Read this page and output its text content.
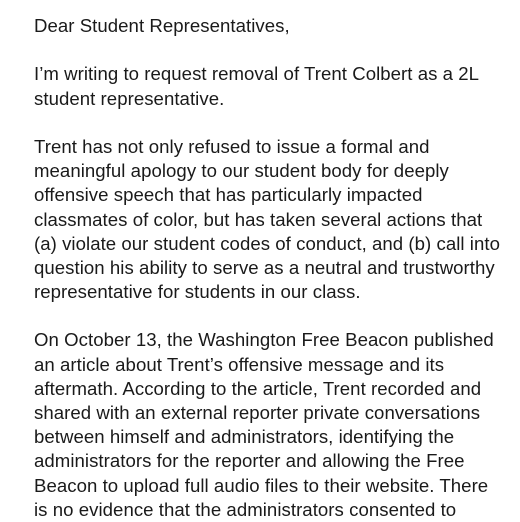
Dear Student Representatives,
I’m writing to request removal of Trent Colbert as a 2L
student representative.
Trent has not only refused to issue a formal and
meaningful apology to our student body for deeply
offensive speech that has particularly impacted
classmates of color, but has taken several actions that
(a) violate our student codes of conduct, and (b) call into
question his ability to serve as a neutral and trustworthy
representative for students in our class.
On October 13, the Washington Free Beacon published
an article about Trent’s offensive message and its
aftermath. According to the article, Trent recorded and
shared with an external reporter private conversations
between himself and administrators, identifying the
administrators for the reporter and allowing the Free
Beacon to upload full audio files to their website. There
is no evidence that the administrators consented to
